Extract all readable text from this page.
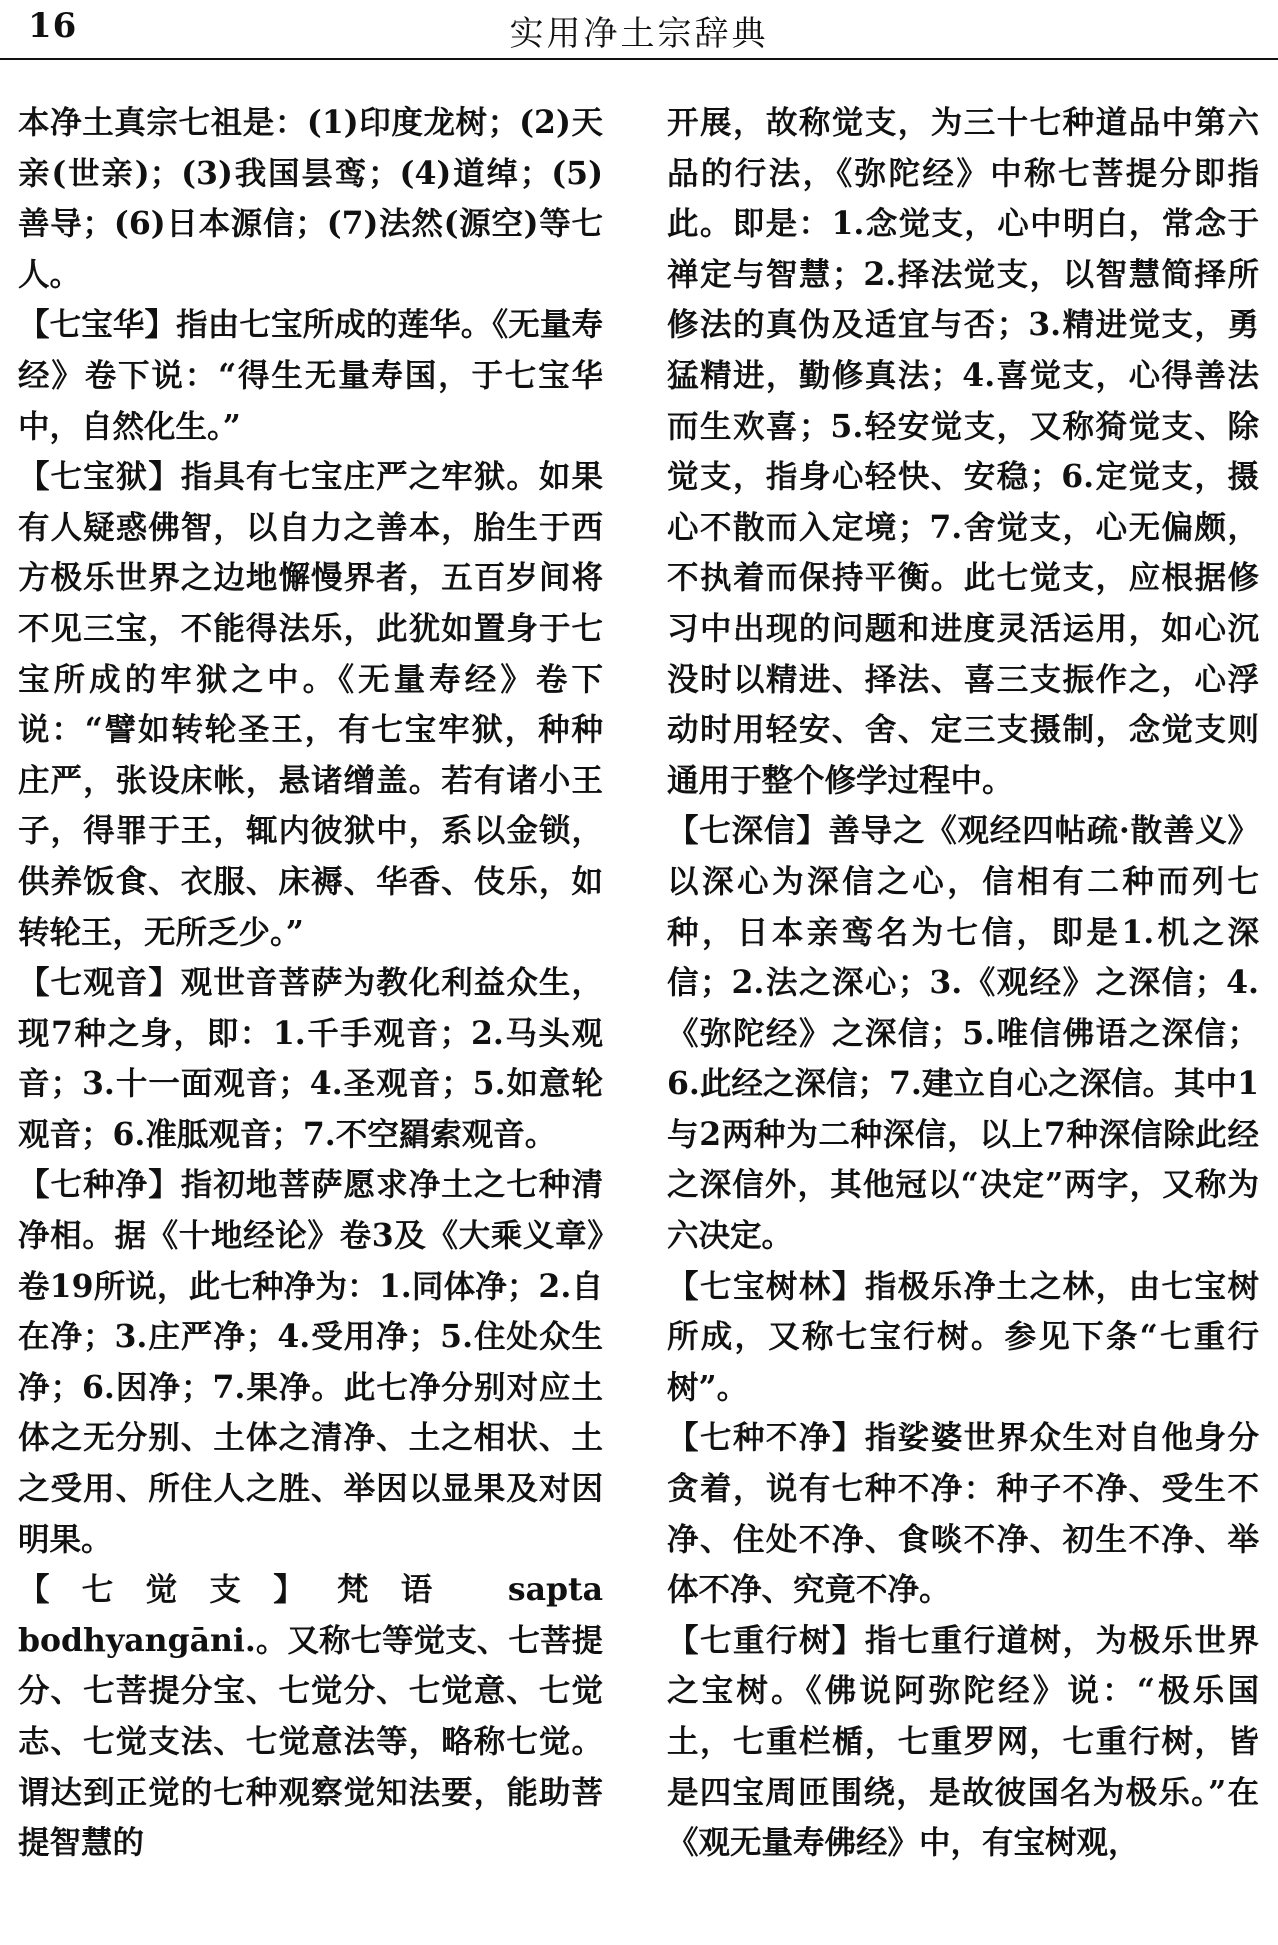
16	实用净土宗辞典

本净土真宗七祖是：(1)印度龙树；(2)天亲(世亲)；(3)我国昙鸾；(4)道绰；(5)善导；(6)日本源信；(7)法然(源空)等七人。

【七宝华】指由七宝所成的莲华。《无量寿经》卷下说：“得生无量寿国，于七宝华中，自然化生。”

【七宝狱】指具有七宝庄严之牢狱。如果有人疑惑佛智，以自力之善本，胎生于西方极乐世界之边地懈慢界者，五百岁间将不见三宝，不能得法乐，此犹如置身于七宝所成的牢狱之中。《无量寿经》卷下说：“譬如转轮圣王，有七宝牢狱，种种庄严，张设床帐，悬诸缯盖。若有诸小王子，得罪于王，辄内彼狱中，系以金锁，供养饭食、衣服、床褥、华香、伎乐，如转轮王，无所乏少。”

【七观音】观世音菩萨为教化利益众生，现7种之身，即：1.千手观音；2.马头观音；3.十一面观音；4.圣观音；5.如意轮观音；6.准胝观音；7.不空羂索观音。

【七种净】指初地菩萨愿求净土之七种清净相。据《十地经论》卷3及《大乘义章》卷19所说，此七种净为：1.同体净；2.自在净；3.庄严净；4.受用净；5.住处众生净；6.因净；7.果净。此七净分别对应土体之无分别、土体之清净、土之相状、土之受用、所住人之胜、举因以显果及对因明果。

【七觉支】梵语 sapta bodhyangāni.。又称七等觉支、七菩提分、七菩提分宝、七觉分、七觉意、七觉志、七觉支法、七觉意法等，略称七觉。谓达到正觉的七种观察觉知法要，能助菩提智慧的

开展，故称觉支，为三十七种道品中第六品的行法，《弥陀经》中称七菩提分即指此。即是：1.念觉支，心中明白，常念于禅定与智慧；2.择法觉支，以智慧简择所修法的真伪及适宜与否；3.精进觉支，勇猛精进，勤修真法；4.喜觉支，心得善法而生欢喜；5.轻安觉支，又称猗觉支、除觉支，指身心轻快、安稳；6.定觉支，摄心不散而入定境；7.舍觉支，心无偏颇，不执着而保持平衡。此七觉支，应根据修习中出现的问题和进度灵活运用，如心沉没时以精进、择法、喜三支振作之，心浮动时用轻安、舍、定三支摄制，念觉支则通用于整个修学过程中。

【七深信】善导之《观经四帖疏·散善义》以深心为深信之心，信相有二种而列七种，日本亲鸾名为七信，即是1.机之深信；2.法之深心；3.《观经》之深信；4.《弥陀经》之深信；5.唯信佛语之深信；6.此经之深信；7.建立自心之深信。其中1与2两种为二种深信，以上7种深信除此经之深信外，其他冠以“决定”两字，又称为六决定。

【七宝树林】指极乐净土之林，由七宝树所成，又称七宝行树。参见下条“七重行树”。

【七种不净】指娑婆世界众生对自他身分贪着，说有七种不净：种子不净、受生不净、住处不净、食啖不净、初生不净、举体不净、究竟不净。

【七重行树】指七重行道树，为极乐世界之宝树。《佛说阿弥陀经》说：“极乐国土，七重栏楯，七重罗网，七重行树，皆是四宝周匝围绕，是故彼国名为极乐。”在《观无量寿佛经》中，有宝树观，
